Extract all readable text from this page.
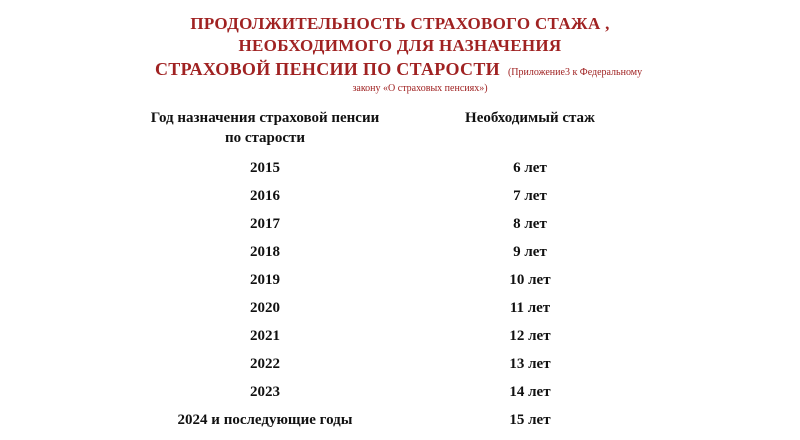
ПРОДОЛЖИТЕЛЬНОСТЬ СТРАХОВОГО СТАЖА ,
НЕОБХОДИМОГО ДЛЯ НАЗНАЧЕНИЯ
СТРАХОВОЙ ПЕНСИИ ПО СТАРОСТИ (Приложение3 к Федеральному
закону «О страховых пенсиях»)
Год назначения страховой пенсии по старости
Необходимый стаж
2015	6 лет
2016	7 лет
2017	8 лет
2018	9 лет
2019	10 лет
2020	11 лет
2021	12 лет
2022	13 лет
2023	14 лет
2024 и последующие годы	15 лет
